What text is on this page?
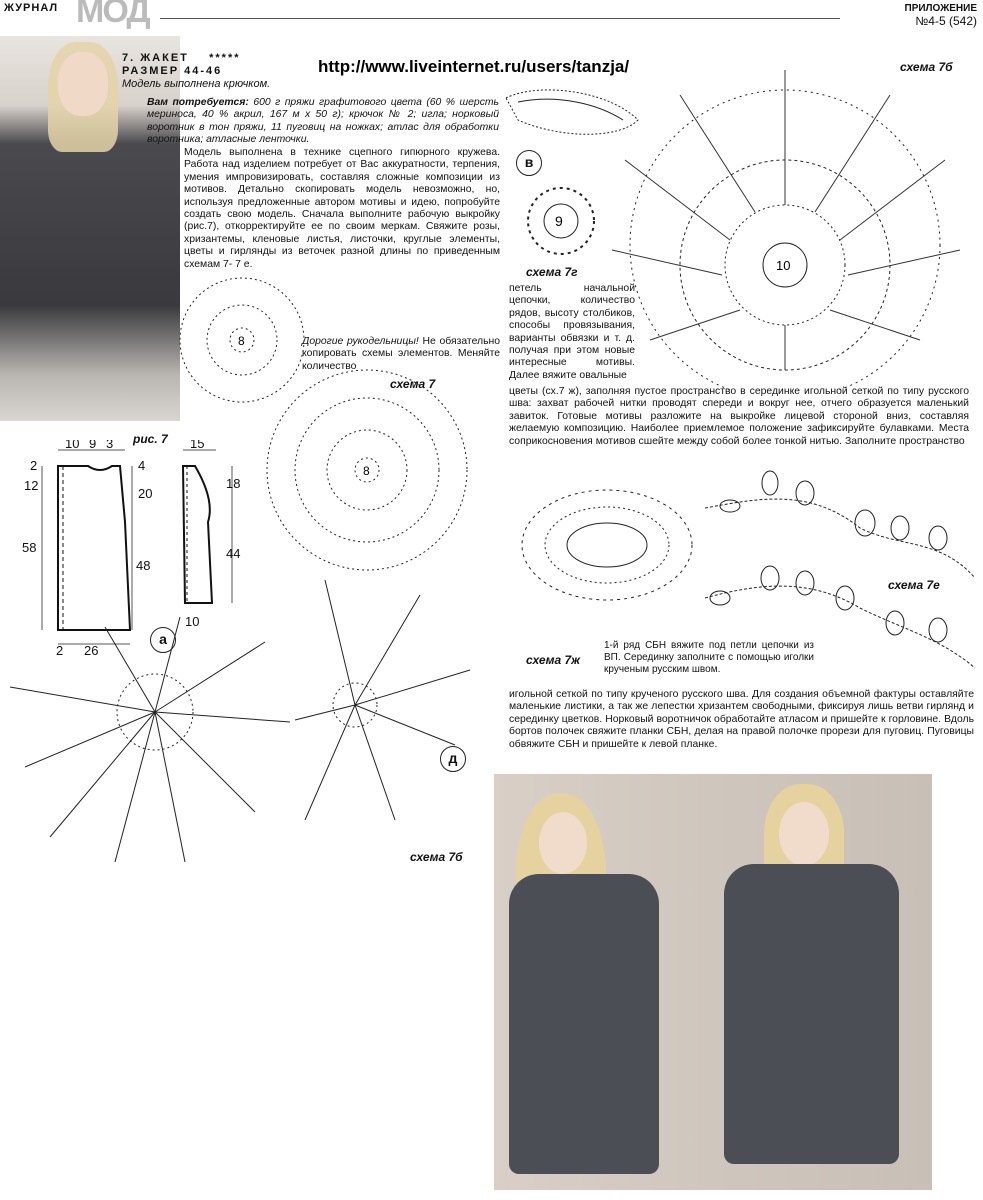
ЖУРНАЛ МОД	ПРИЛОЖЕНИЕ
№4-5 (542)
http://www.liveinternet.ru/users/tanzja/
7. ЖАКЕТ *****
РАЗМЕР 44-46
Модель выполнена крючком.
Вам потребуется: 600 г пряжи графитового цвета (60 % шерсть мериноса, 40 % акрил, 167 м x 50 г); крючок № 2; игла; норковый воротник в тон пряжи, 11 пуговиц на ножках; атлас для обработки воротника; атласные ленточки.
Модель выполнена в технике сцепного гипюрного кружева. Работа над изделием потребует от Вас аккуратности, терпения, умения импровизировать, составляя сложные композиции из мотивов. Детально скопировать модель невозможно, но, используя предложенные автором мотивы и идею, попробуйте создать свою модель. Сначала выполните рабочую выкройку (рис.7), откорректируйте ее по своим меркам. Свяжите розы, хризантемы, кленовые листья, листочки, круглые элементы, цветы и гирлянды из веточек разной длины по приведенным схемам 7- 7 е.
Дорогие рукодельницы! Не обязательно копировать схемы элементов. Меняйте количество
петель начальной цепочки, количество рядов, высоту столбиков, способы провязывания, варианты обвязки и т. д. получая при этом новые интересные мотивы. Далее вяжите овальные
цветы (сх.7 ж), заполняя пустое пространство в серединке игольной сеткой по типу русского шва: захват рабочей нитки проводят спереди и вокруг нее, отчего образуется маленький завиток. Готовые мотивы разложите на выкройке лицевой стороной вниз, составляя желаемую композицию. Наиболее приемлемое положение зафиксируйте булавками. Места соприкосновения мотивов сшейте между собой более тонкой нитью. Заполните пространство
игольной сеткой по типу крученого русского шва. Для создания объемной фактуры оставляйте маленькие листики, а так же лепестки хризантем свободными, фиксируя лишь ветви гирлянд и серединку цветков. Норковый воротничок обработайте атласом и пришейте к горловине. Вдоль бортов полочек свяжите планки СБН, делая на правой полочке прорези для пуговиц. Пуговицы обвяжите СБН и пришейте к левой планке.
10
схема 7б
в
9
схема 7г
8
8
схема 7
рис. 7
10 9 3
2
12
58
4
20
48
2 26
15
18
44
10
а
схема 7ж
1-й ряд СБН вяжите под петли цепочки из ВП. Серединку заполните с помощью иголки крученым русским швом.
схема 7е
д
схема 7б
